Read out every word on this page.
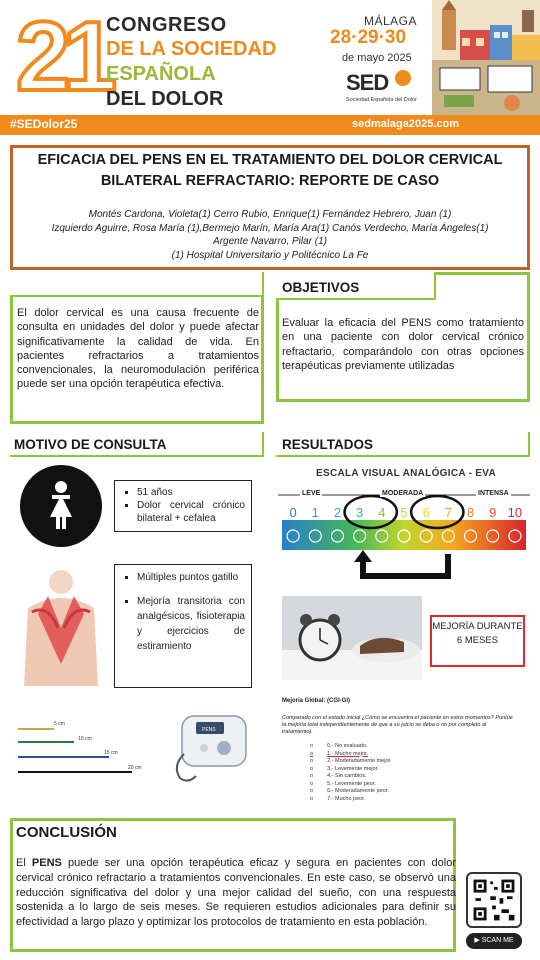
21
CONGRESO
DE LA SOCIEDAD
ESPAÑOLA
DEL DOLOR
MÁLAGA
28·29·30
de mayo 2025
SED
Sociedad Española del Dolor
#SEDolor25	sedmalaga2025.com
EFICACIA DEL PENS EN EL TRATAMIENTO DEL DOLOR CERVICAL BILATERAL REFRACTARIO: REPORTE DE CASO
Montés Cardona, Violeta(1) Cerro Rubio, Enrique(1) Fernández Hebrero, Juan (1)
Izquierdo Aguirre, Rosa María (1),Bermejo Marín, María Ara(1) Canós Verdecho, María Ángeles(1)
Argente Navarro, Pilar (1)
(1) Hospital Universitario y Politécnico La Fe
El dolor cervical es una causa frecuente de consulta en unidades del dolor y puede afectar significativamente la calidad de vida. En pacientes refractarios a tratamientos convencionales, la neuromodulación periférica puede ser una opción terapéutica efectiva.
OBJETIVOS
Evaluar la eficacia del PENS como tratamiento en una paciente con dolor cervical crónico refractario, comparándolo con otras opciones terapéuticas previamente utilizadas
MOTIVO DE CONSULTA
▪ 51 años
▪ Dolor cervical crónico bilateral + cefalea
▪ Múltiples puntos gatillo
▪ Mejoría transitoria con analgésicos, fisioterapia y ejercicios de estiramiento
5 cm
10 cm
15 cm
20 cm
PENS
RESULTADOS
ESCALA VISUAL ANALÓGICA - EVA
0 1 2 3 4 5 6 7 8 9 10
LEVE	MODERADA	INTENSA
MEJORÍA DURANTE 6 MESES
Mejoría Global: (CGI-GI)
Comparado con el estado inicial ¿Cómo se encuentra el paciente en estos momentos? Puntúe la mejoría total independientemente de que a su juicio se deba o no por completo al tratamiento).
o 0.- No evaluado.
o 1.- Mucho mejor.
o 2.- Moderadamente mejor.
o 3.- Levemente mejor.
o 4.- Sin cambios.
o 5.- Levemente peor.
o 6.- Moderadamente peor.
o 7.- Mucho peor.
CONCLUSIÓN
El PENS puede ser una opción terapéutica eficaz y segura en pacientes con dolor cervical crónico refractario a tratamientos convencionales. En este caso, se observó una reducción significativa del dolor y una mejor calidad del sueño, con una respuesta sostenida a lo largo de seis meses. Se requieren estudios adicionales para definir su efectividad a largo plazo y optimizar los protocolos de tratamiento en esta población.
▶ SCAN ME
